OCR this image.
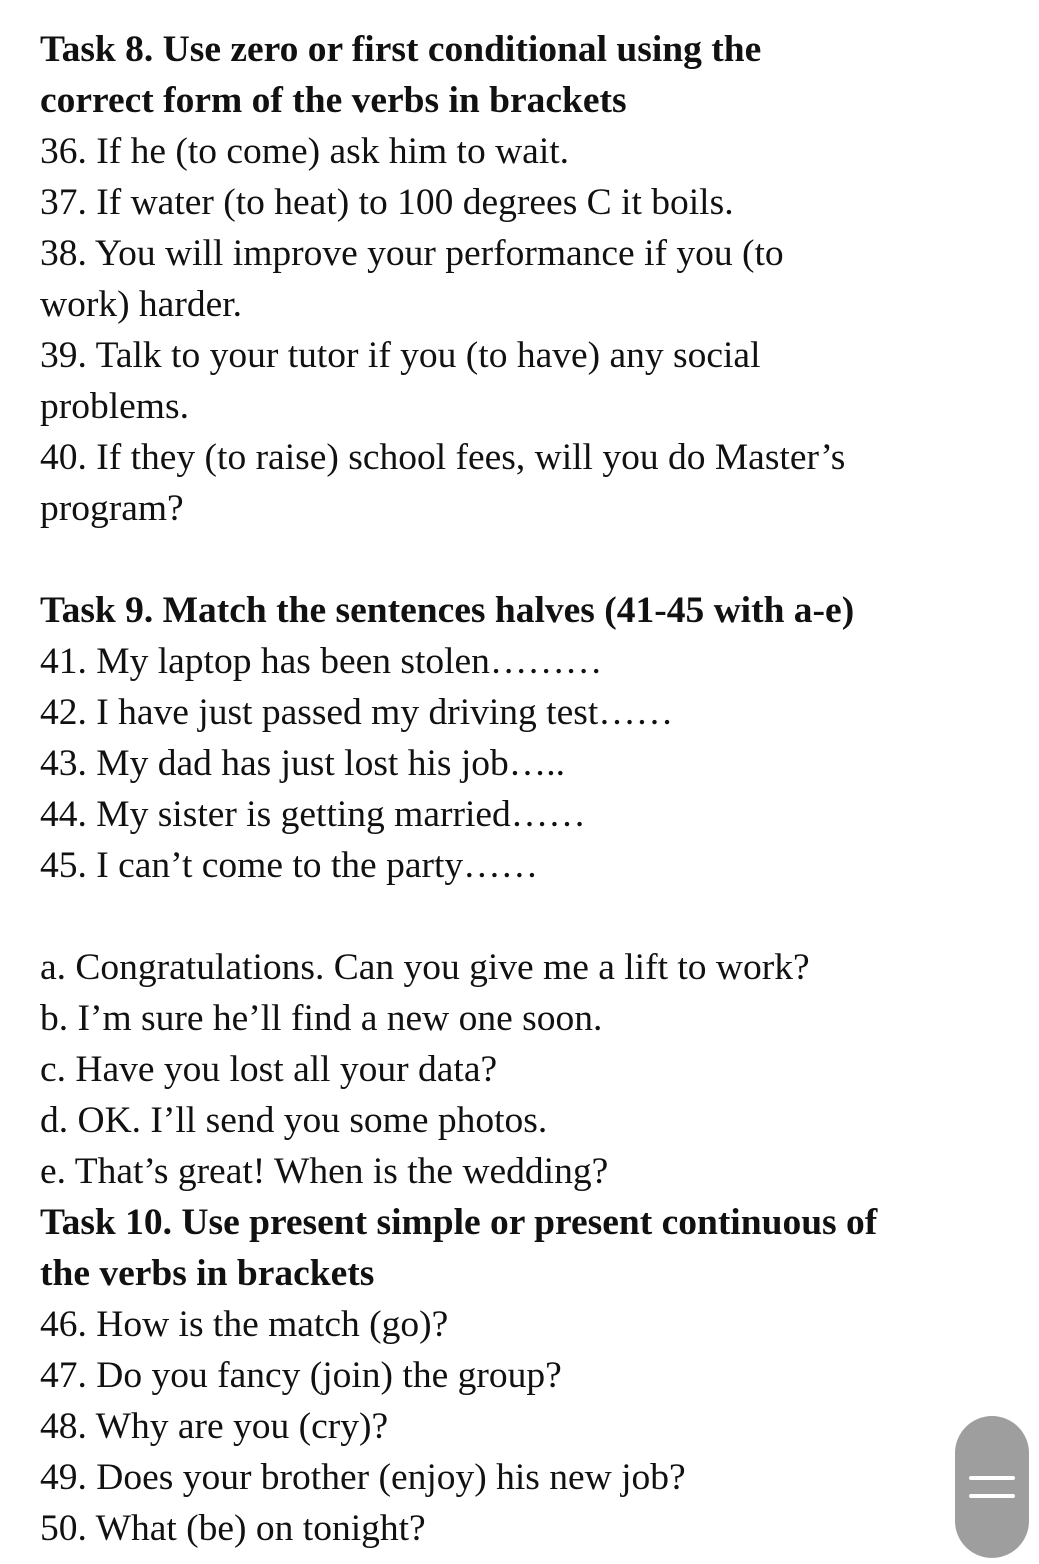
Task 8. Use zero or first conditional using the

correct form of the verbs in brackets

36. If he (to come) ask him to wait.

37. If water (to heat) to 100 degrees C it boils.

38. You will improve your performance if you (to

work) harder.

39. Talk to your tutor if you (to have) any social

problems.

40. If they (to raise) school fees, will you do Master’s

program?

Task 9. Match the sentences halves (41-45 with a-e)

41. My laptop has been stolen………

42. I have just passed my driving test……

43. My dad has just lost his job…..

44. My sister is getting married……

45. I can’t come to the party……

a. Congratulations. Can you give me a lift to work?

b. I’m sure he’ll find a new one soon.

c. Have you lost all your data?

d. OK. I’ll send you some photos.

e. That’s great! When is the wedding?

Task 10. Use present simple or present continuous of

the verbs in brackets

46. How is the match (go)?

47. Do you fancy (join) the group?

48. Why are you (cry)?

49. Does your brother (enjoy) his new job?

50. What (be) on tonight?
